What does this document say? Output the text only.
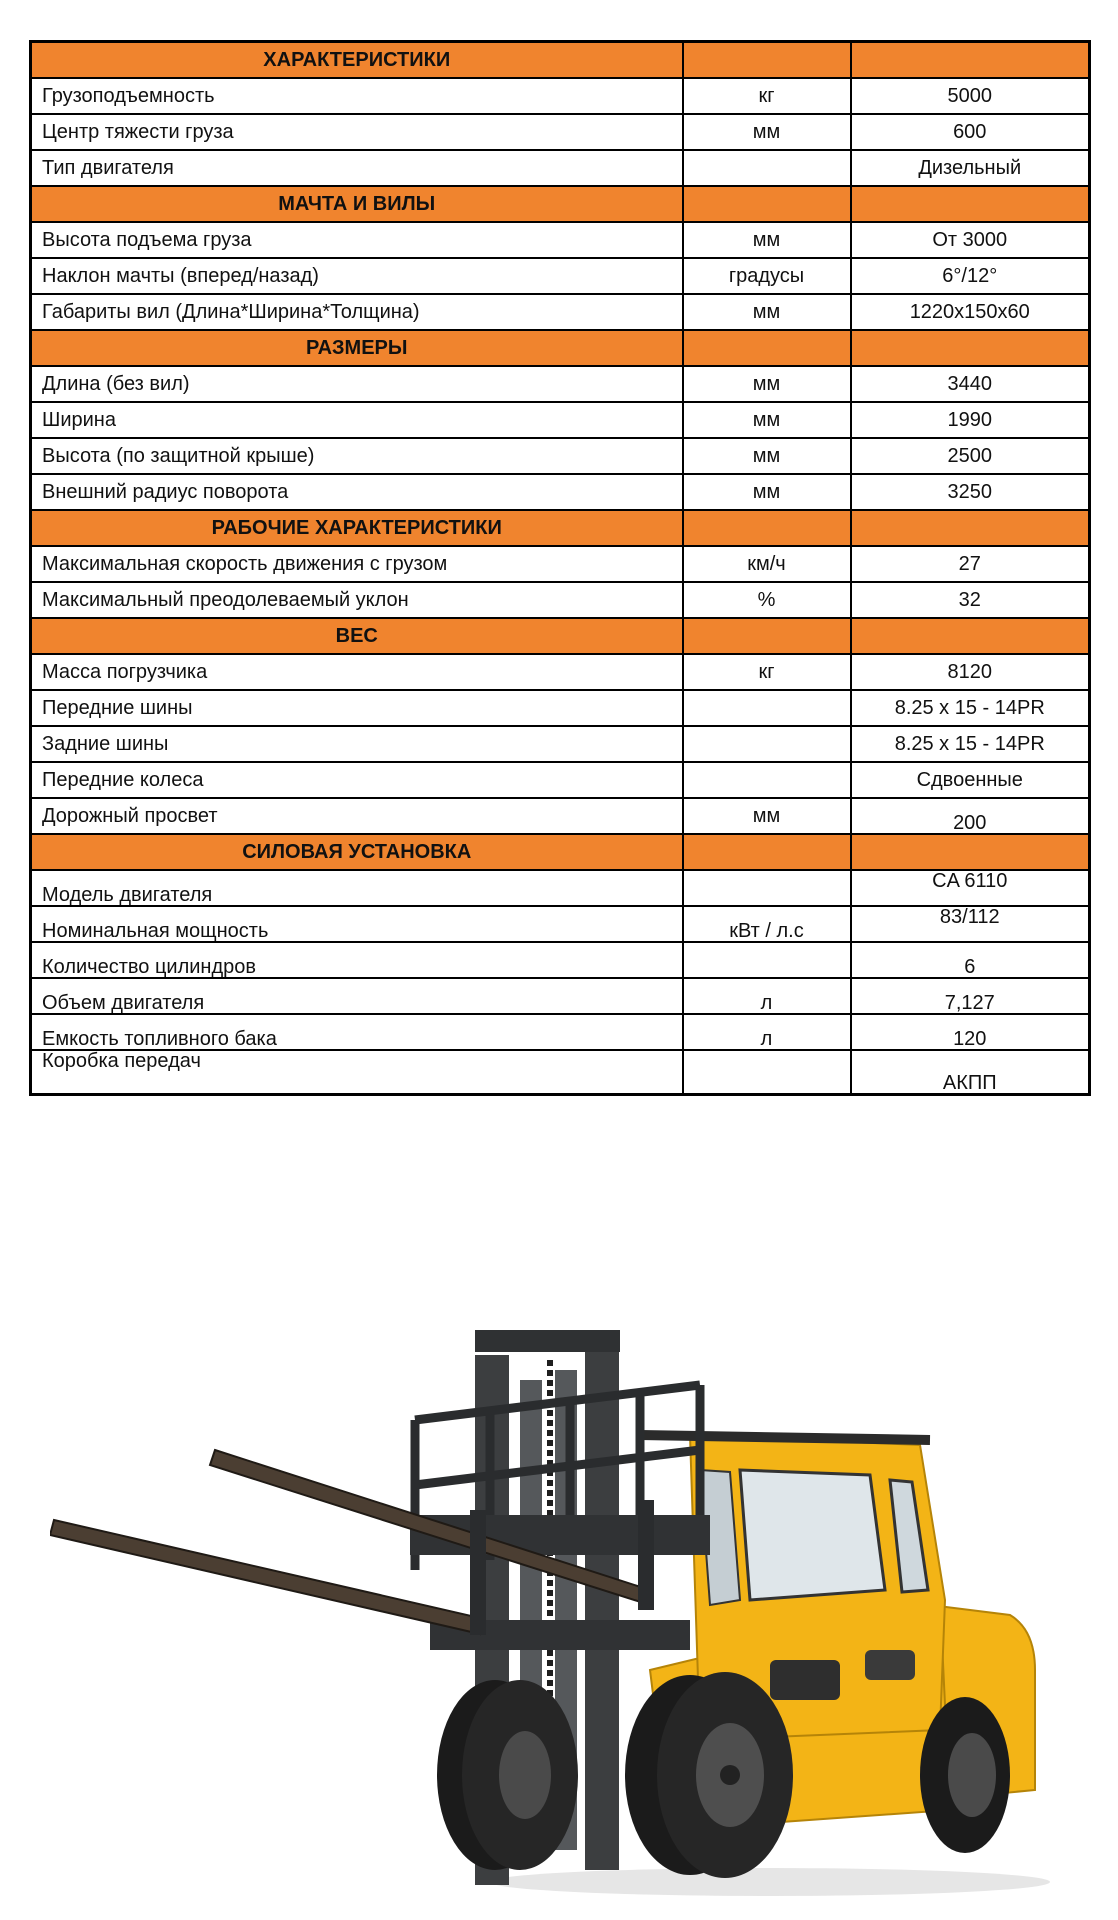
ХАРАКТЕРИСТИКИ		
Грузоподъемность	кг	5000
Центр тяжести груза	мм	600
Тип двигателя		Дизельный
МАЧТА И ВИЛЫ		
Высота подъема груза	мм	От 3000
Наклон мачты (вперед/назад)	градусы	6°/12°
Габариты вил (Длина*Ширина*Толщина)	мм	1220х150х60
РАЗМЕРЫ		
Длина (без вил)	мм	3440
Ширина	мм	1990
Высота (по защитной крыше)	мм	2500
Внешний радиус поворота	мм	3250
РАБОЧИЕ ХАРАКТЕРИСТИКИ		
Максимальная скорость движения с грузом	км/ч	27
Максимальный преодолеваемый уклон	%	32
ВЕС		
Масса погрузчика	кг	8120
Передние шины		8.25 х 15 - 14PR
Задние шины		8.25 х 15 - 14PR
Передние колеса		Сдвоенные
Дорожный просвет	мм	200
СИЛОВАЯ УСТАНОВКА		
Модель двигателя		CA 6110
Номинальная мощность	кВт / л.с	83/112
Количество цилиндров		6
Объем двигателя	л	7,127
Емкость топливного бака	л	120
Коробка передач		АКПП
